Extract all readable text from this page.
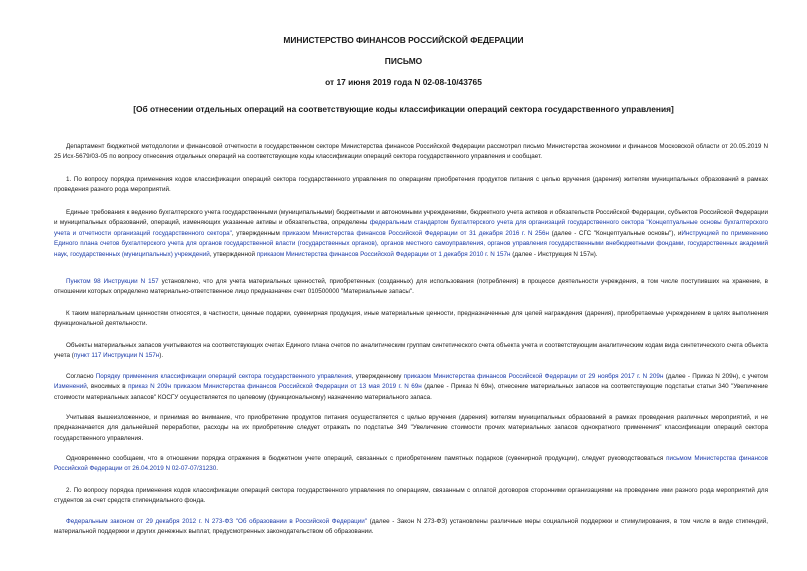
МИНИСТЕРСТВО ФИНАНСОВ РОССИЙСКОЙ ФЕДЕРАЦИИ
ПИСЬМО
от 17 июня 2019 года N 02-08-10/43765
[Об отнесении отдельных операций на соответствующие коды классификации операций сектора государственного управления]

Департамент бюджетной методологии и финансовой отчетности в государственном секторе Министерства финансов Российской Федерации рассмотрел письмо Министерства экономики и финансов Московской области от 20.05.2019 N 25 Исх-5679/03-05 по вопросу отнесения отдельных операций на соответствующие коды классификации операций сектора государственного управления и сообщает.

1. По вопросу порядка применения кодов классификации операций сектора государственного управления по операциям приобретения продуктов питания с целью вручения (дарения) жителям муниципальных образований в рамках проведения разного рода мероприятий.

Единые требования к ведению бухгалтерского учета государственными (муниципальными) бюджетными и автономными учреждениями, бюджетного учета активов и обязательств Российской Федерации, субъектов Российской Федерации и муниципальных образований, операций, изменяющих указанные активы и обязательства, определены федеральным стандартом бухгалтерского учета для организаций государственного сектора "Концептуальные основы бухгалтерского учета и отчетности организаций государственного сектора", утвержденным приказом Министерства финансов Российской Федерации от 31 декабря 2016 г. N 256н (далее - СГС "Концептуальные основы"), иИнструкцией по применению Единого плана счетов бухгалтерского учета для органов государственной власти (государственных органов), органов местного самоуправления, органов управления государственными внебюджетными фондами, государственных академий наук, государственных (муниципальных) учреждений, утвержденной приказом Министерства финансов Российской Федерации от 1 декабря 2010 г. N 157н (далее - Инструкция N 157н).

Пунктом 98 Инструкции N 157 установлено, что для учета материальных ценностей, приобретенных (созданных) для использования (потребления) в процессе деятельности учреждения, в том числе поступивших на хранение, в отношении которых определено материально-ответственное лицо предназначен счет 010500000 "Материальные запасы".

К таким материальным ценностям относятся, в частности, ценные подарки, сувенирная продукция, иные материальные ценности, предназначенные для целей награждения (дарения), приобретаемые учреждением в целях выполнения функциональной деятельности.

Объекты материальных запасов учитываются на соответствующих счетах Единого плана счетов по аналитическим группам синтетического счета объекта учета и соответствующим аналитическим кодам вида синтетического счета объекта учета (пункт 117 Инструкции N 157н).

Согласно Порядку применения классификации операций сектора государственного управления, утвержденному приказом Министерства финансов Российской Федерации от 29 ноября 2017 г. N 209н (далее - Приказ N 209н), с учетом Изменений, вносимых в приказ N 209н приказом Министерства финансов Российской Федерации от 13 мая 2019 г. N 69н (далее - Приказ N 69н), отнесение материальных запасов на соответствующие подстатьи статьи 340 "Увеличение стоимости материальных запасов" КОСГУ осуществляется по целевому (функциональному) назначению материального запаса.

Учитывая вышеизложенное, и принимая во внимание, что приобретение продуктов питания осуществляется с целью вручения (дарения) жителям муниципальных образований в рамках проведения различных мероприятий, и не предназначается для дальнейшей переработки, расходы на их приобретение следует отражать по подстатье 349 "Увеличение стоимости прочих материальных запасов однократного применения" классификации операций сектора государственного управления.

Одновременно сообщаем, что в отношении порядка отражения в бюджетном учете операций, связанных с приобретением памятных подарков (сувенирной продукции), следует руководствоваться письмом Министерства финансов Российской Федерации от 26.04.2019 N 02-07-07/31230.

2. По вопросу порядка применения кодов классификации операций сектора государственного управления по операциям, связанным с оплатой договоров сторонними организациями на проведение ими разного рода мероприятий для студентов за счет средств стипендиального фонда.

Федеральным законом от 29 декабря 2012 г. N 273-ФЗ "Об образовании в Российской Федерации" (далее - Закон N 273-ФЗ) установлены различные меры социальной поддержки и стимулирования, в том числе в виде стипендий, материальной поддержки и других денежных выплат, предусмотренных законодательством об образовании.
